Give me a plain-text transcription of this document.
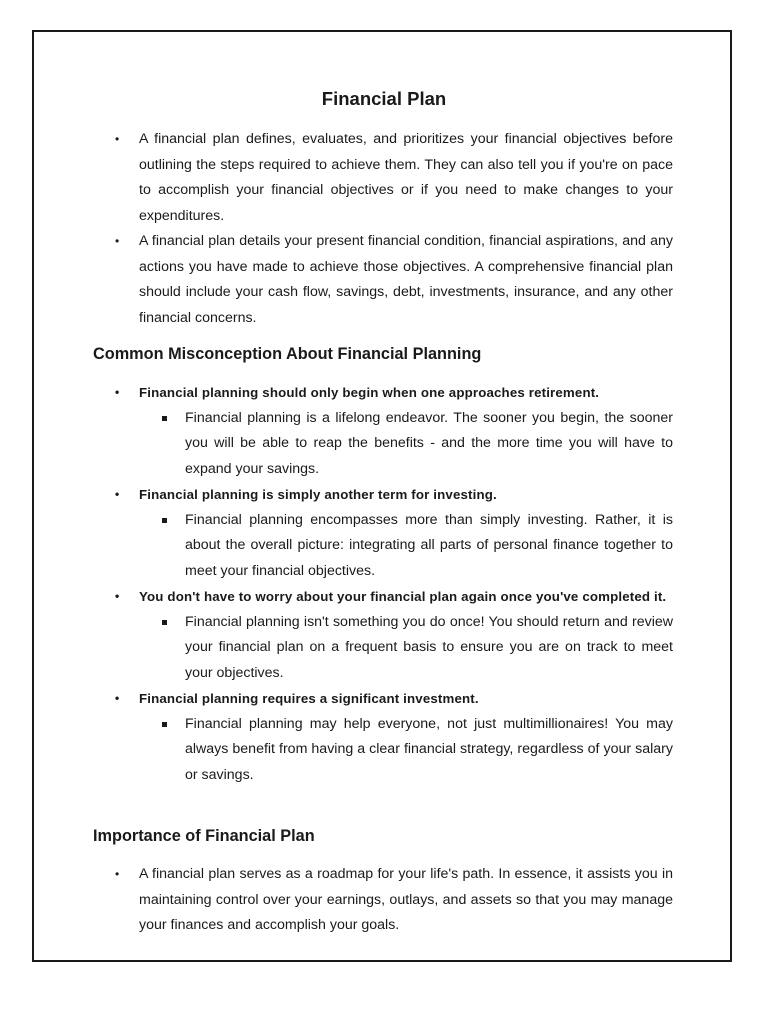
Financial Plan
• A financial plan defines, evaluates, and prioritizes your financial objectives before outlining the steps required to achieve them. They can also tell you if you're on pace to accomplish your financial objectives or if you need to make changes to your expenditures.
• A financial plan details your present financial condition, financial aspirations, and any actions you have made to achieve those objectives. A comprehensive financial plan should include your cash flow, savings, debt, investments, insurance, and any other financial concerns.
Common Misconception About Financial Planning
• Financial planning should only begin when one approaches retirement.
Financial planning is a lifelong endeavor. The sooner you begin, the sooner you will be able to reap the benefits - and the more time you will have to expand your savings.
• Financial planning is simply another term for investing.
Financial planning encompasses more than simply investing. Rather, it is about the overall picture: integrating all parts of personal finance together to meet your financial objectives.
• You don't have to worry about your financial plan again once you've completed it.
Financial planning isn't something you do once! You should return and review your financial plan on a frequent basis to ensure you are on track to meet your objectives.
• Financial planning requires a significant investment.
Financial planning may help everyone, not just multimillionaires! You may always benefit from having a clear financial strategy, regardless of your salary or savings.
Importance of Financial Plan
• A financial plan serves as a roadmap for your life's path. In essence, it assists you in maintaining control over your earnings, outlays, and assets so that you may manage your finances and accomplish your goals.
